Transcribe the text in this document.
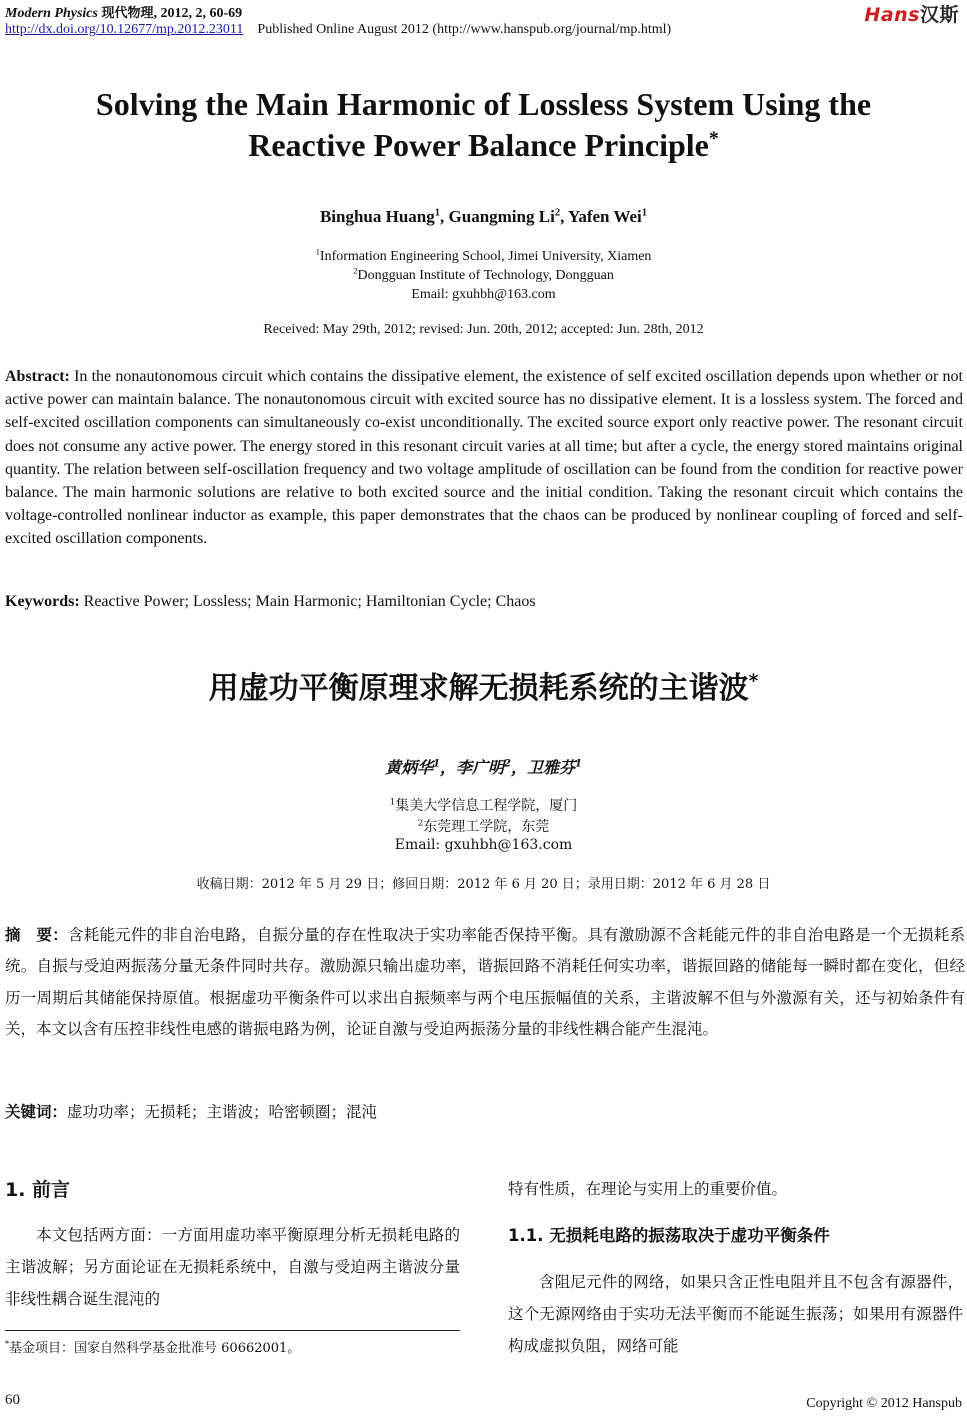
Modern Physics 现代物理, 2012, 2, 60-69
http://dx.doi.org/10.12677/mp.2012.23011 Published Online August 2012 (http://www.hanspub.org/journal/mp.html)
Hans汉斯
Solving the Main Harmonic of Lossless System Using the
Reactive Power Balance Principle*
Binghua Huang$^1$, Guangming Li$^2$, Yafen Wei$^1$
$^1$Information Engineering School, Jimei University, Xiamen
$^2$Dongguan Institute of Technology, Dongguan
Email: gxuhbh@163.com
Received: May 29th, 2012; revised: Jun. 20th, 2012; accepted: Jun. 28th, 2012
Abstract: In the nonautonomous circuit which contains the dissipative element, the existence of self excited oscillation depends upon whether or not active power can maintain balance. The nonautonomous circuit with excited source has no dissipative element. It is a lossless system. The forced and self-excited oscillation components can simultaneously co-exist unconditionally. The excited source export only reactive power. The resonant circuit does not consume any active power. The energy stored in this resonant circuit varies at all time; but after a cycle, the energy stored maintains original quantity. The relation between self-oscillation frequency and two voltage amplitude of oscillation can be found from the condition for reactive power balance. The main harmonic solutions are relative to both excited source and the initial condition. Taking the resonant circuit which contains the voltage-controlled nonlinear inductor as example, this paper demonstrates that the chaos can be produced by nonlinear coupling of forced and self-excited oscillation components.
Keywords: Reactive Power; Lossless; Main Harmonic; Hamiltonian Cycle; Chaos
用虚功平衡原理求解无损耗系统的主谐波*
黄炳华$^1$，李广明$^2$，卫雅芬$^1$
$^1$集美大学信息工程学院，厦门
$^2$东莞理工学院，东莞
Email: gxuhbh@163.com
收稿日期：2012 年 5 月 29 日；修回日期：2012 年 6 月 20 日；录用日期：2012 年 6 月 28 日
摘　要：含耗能元件的非自治电路，自振分量的存在性取决于实功率能否保持平衡。具有激励源不含耗能元件的非自治电路是一个无损耗系统。自振与受迫两振荡分量无条件同时共存。激励源只输出虚功率，谐振回路不消耗任何实功率，谐振回路的储能每一瞬时都在变化，但经历一周期后其储能保持原值。根据虚功平衡条件可以求出自振频率与两个电压振幅值的关系，主谐波解不但与外激源有关，还与初始条件有关，本文以含有压控非线性电感的谐振电路为例，论证自激与受迫两振荡分量的非线性耦合能产生混沌。
关键词：虚功功率；无损耗；主谐波；哈密顿圈；混沌
1. 前言
本文包括两方面：一方面用虚功率平衡原理分析无损耗电路的主谐波解；另方面论证在无损耗系统中，自激与受迫两主谐波分量非线性耦合诞生混沌的
*基金项目：国家自然科学基金批准号 60662001。
特有性质，在理论与实用上的重要价值。
1.1. 无损耗电路的振荡取决于虚功平衡条件
含阻尼元件的网络，如果只含正性电阻并且不包含有源器件，这个无源网络由于实功无法平衡而不能诞生振荡；如果用有源器件构成虚拟负阻，网络可能
60	Copyright © 2012 Hanspub
